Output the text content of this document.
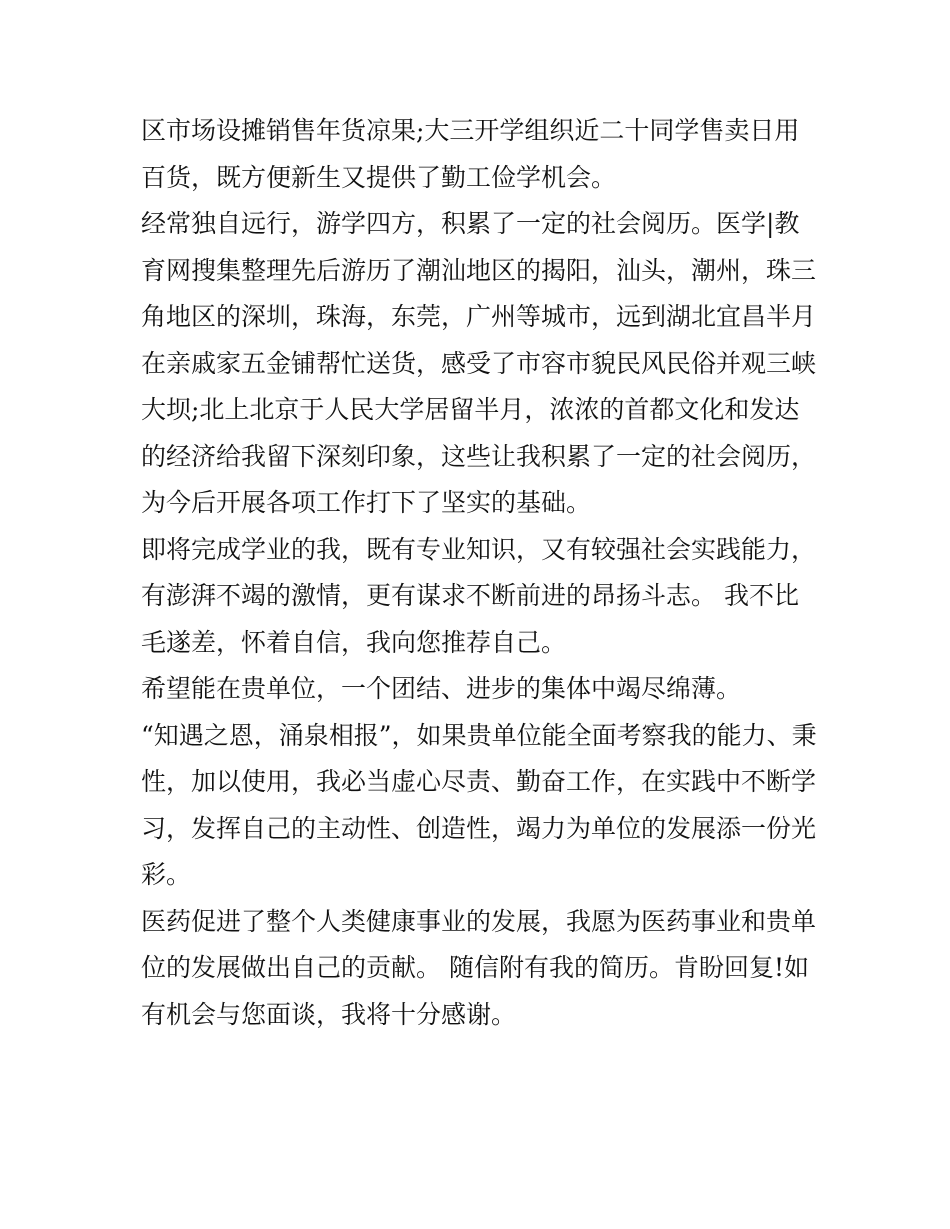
区市场设摊销售年货凉果;大三开学组织近二十同学售卖日用
百货，既方便新生又提供了勤工俭学机会。
经常独自远行，游学四方，积累了一定的社会阅历。医学|教
育网搜集整理先后游历了潮汕地区的揭阳，汕头，潮州，珠三
角地区的深圳，珠海，东莞，广州等城市，远到湖北宜昌半月
在亲戚家五金铺帮忙送货，感受了市容市貌民风民俗并观三峡
大坝;北上北京于人民大学居留半月，浓浓的首都文化和发达
的经济给我留下深刻印象，这些让我积累了一定的社会阅历，
为今后开展各项工作打下了坚实的基础。
即将完成学业的我，既有专业知识，又有较强社会实践能力，
有澎湃不竭的激情，更有谋求不断前进的昂扬斗志。 我不比
毛遂差，怀着自信，我向您推荐自己。
希望能在贵单位，一个团结、进步的集体中竭尽绵薄。
“知遇之恩，涌泉相报”，如果贵单位能全面考察我的能力、秉
性，加以使用，我必当虚心尽责、勤奋工作，在实践中不断学
习，发挥自己的主动性、创造性，竭力为单位的发展添一份光
彩。
医药促进了整个人类健康事业的发展，我愿为医药事业和贵单
位的发展做出自己的贡献。 随信附有我的简历。肯盼回复!如
有机会与您面谈，我将十分感谢。
